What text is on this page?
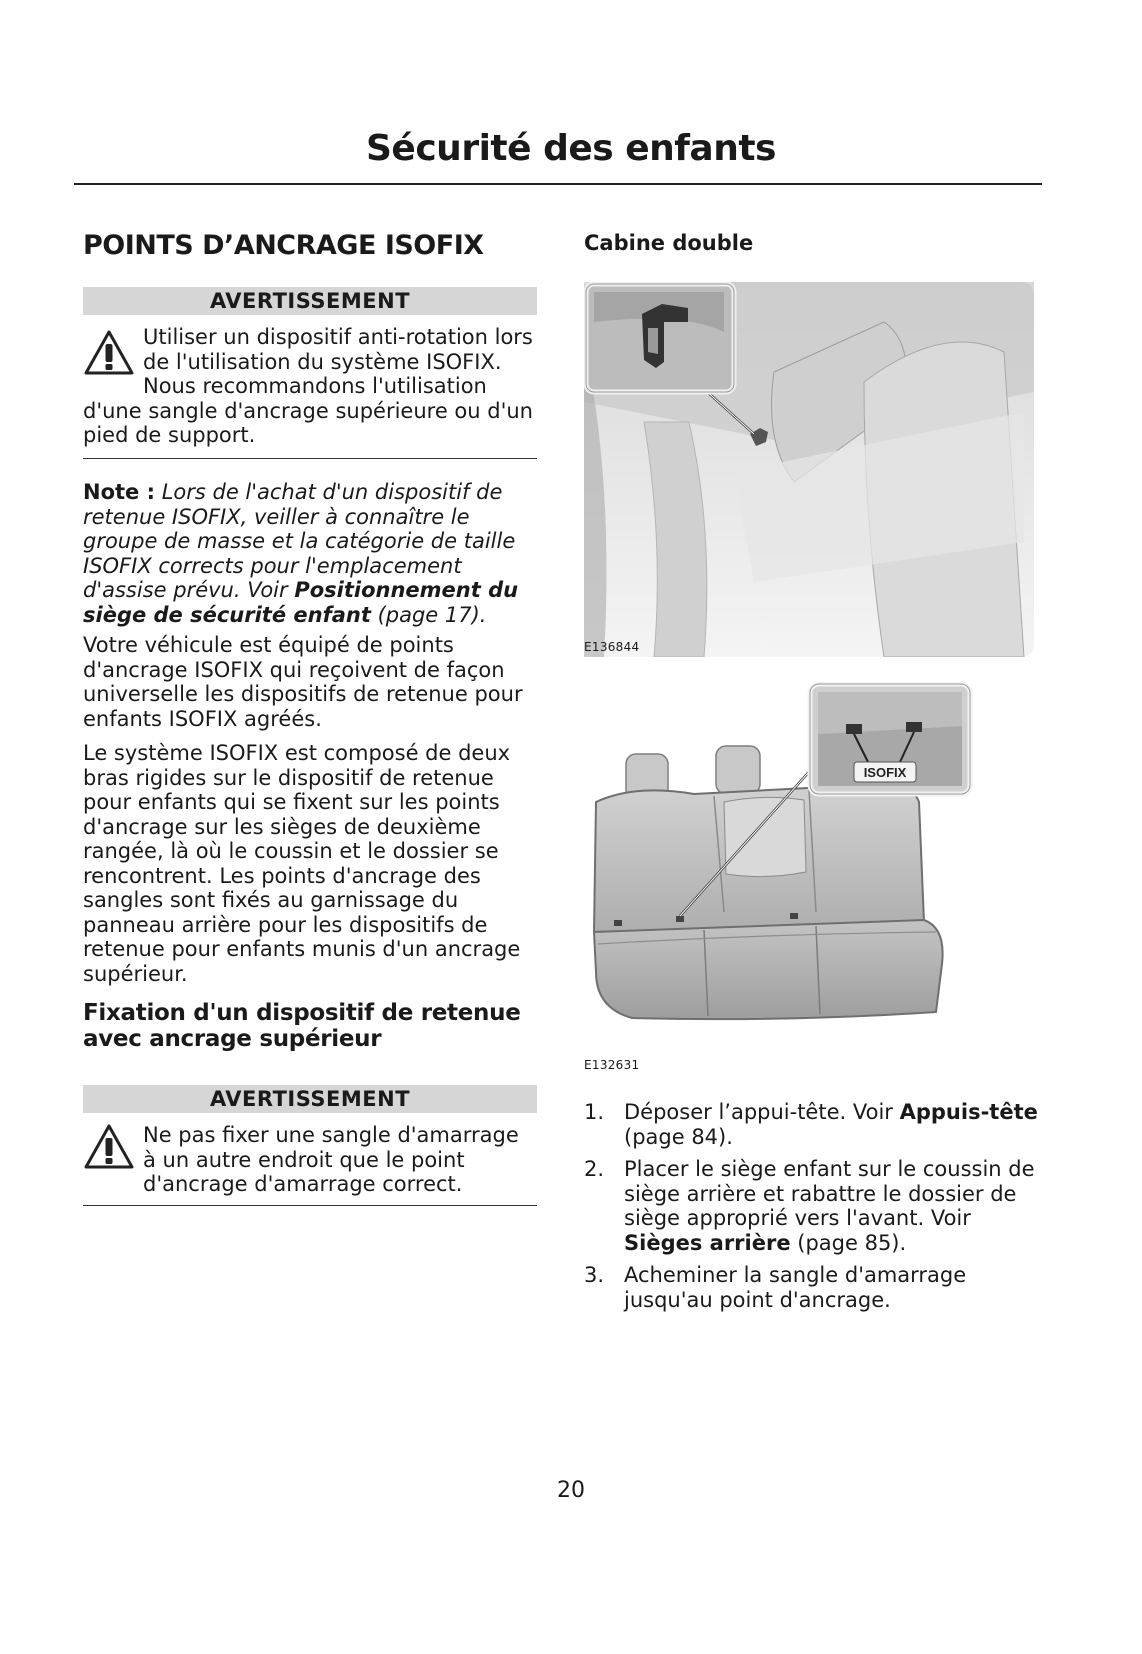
Sécurité des enfants
POINTS D’ANCRAGE ISOFIX
AVERTISSEMENT
Utiliser un dispositif anti-rotation lors de l'utilisation du système ISOFIX. Nous recommandons l'utilisation d'une sangle d'ancrage supérieure ou d'un pied de support.
Note : Lors de l'achat d'un dispositif de retenue ISOFIX, veiller à connaître le groupe de masse et la catégorie de taille ISOFIX corrects pour l'emplacement d'assise prévu. Voir Positionnement du siège de sécurité enfant (page 17).

Votre véhicule est équipé de points d'ancrage ISOFIX qui reçoivent de façon universelle les dispositifs de retenue pour enfants ISOFIX agréés.

Le système ISOFIX est composé de deux bras rigides sur le dispositif de retenue pour enfants qui se fixent sur les points d'ancrage sur les sièges de deuxième rangée, là où le coussin et le dossier se rencontrent. Les points d'ancrage des sangles sont fixés au garnissage du panneau arrière pour les dispositifs de retenue pour enfants munis d'un ancrage supérieur.

Fixation d'un dispositif de retenue avec ancrage supérieur
AVERTISSEMENT
Ne pas fixer une sangle d'amarrage à un autre endroit que le point d'ancrage d'amarrage correct.
Cabine double
E136844
ISOFIX
E132631
1. Déposer l’appui-tête. Voir Appuis-tête (page 84).
2. Placer le siège enfant sur le coussin de siège arrière et rabattre le dossier de siège approprié vers l'avant. Voir Sièges arrière (page 85).
3. Acheminer la sangle d'amarrage jusqu'au point d'ancrage.
20
